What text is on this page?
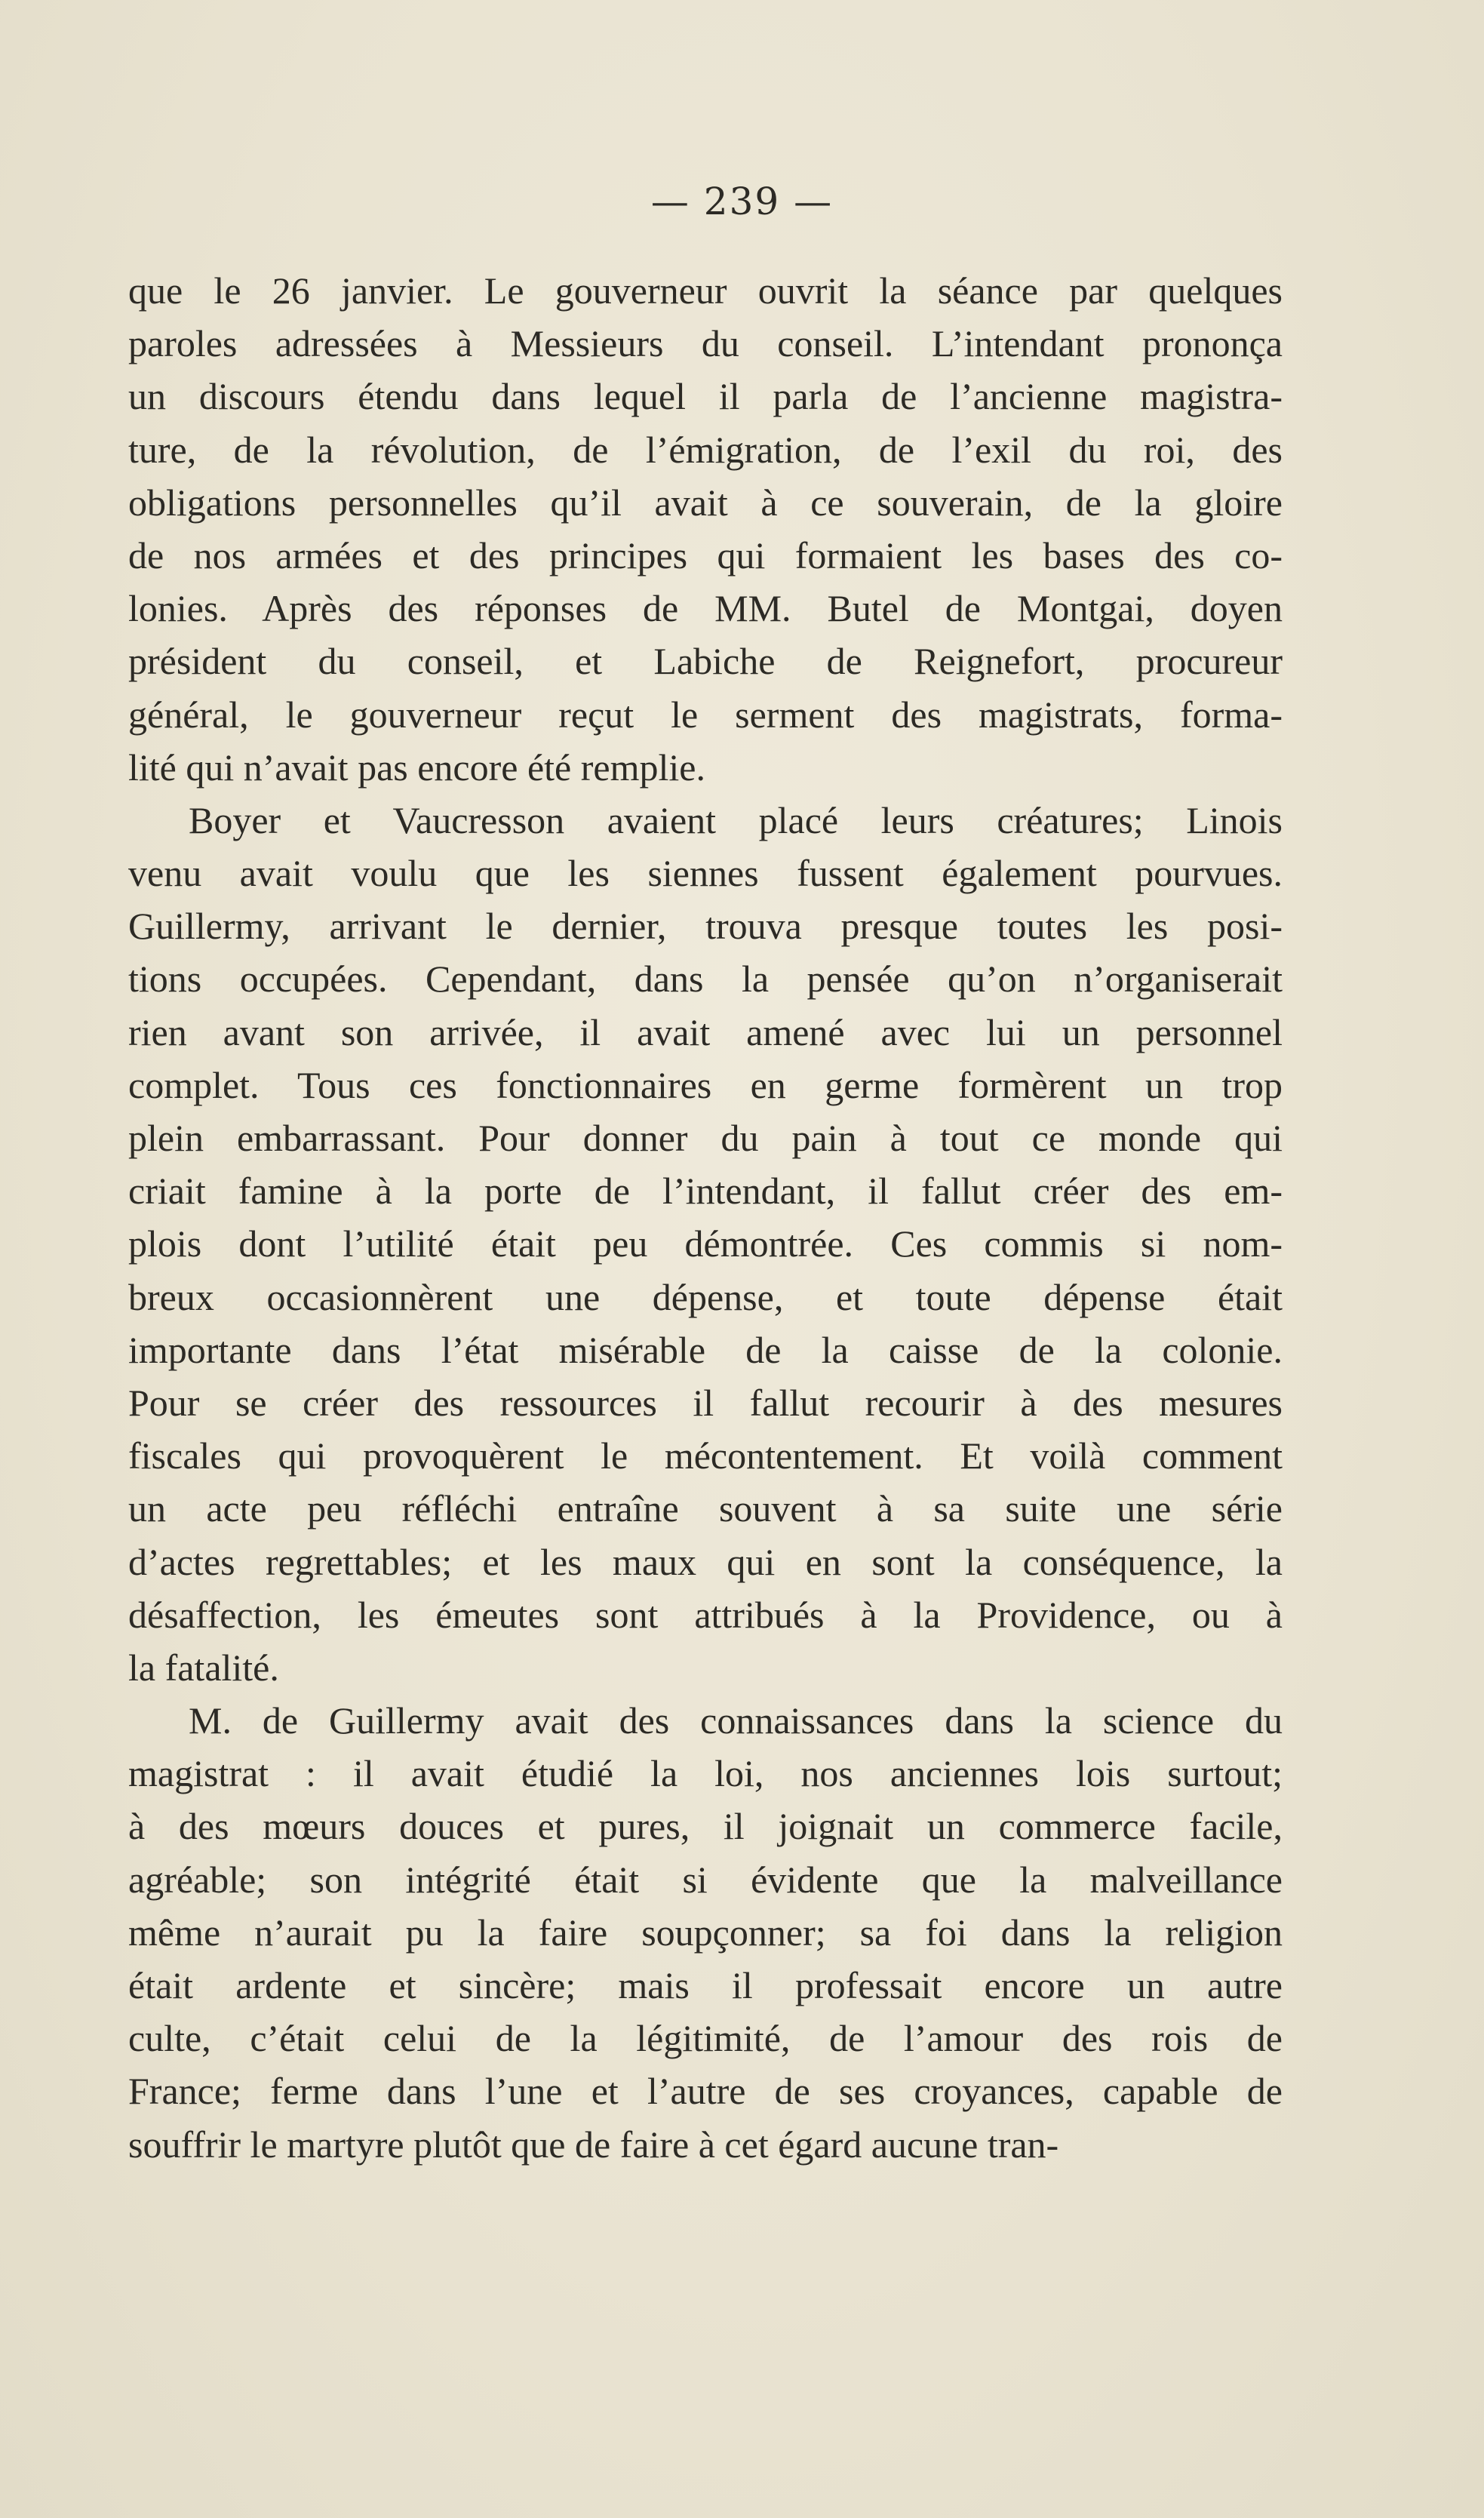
— 239 —
que le 26 janvier. Le gouverneur ouvrit la séance par quelques
paroles adressées à Messieurs du conseil. L’intendant prononça
un discours étendu dans lequel il parla de l’ancienne magistra-
ture, de la révolution, de l’émigration, de l’exil du roi, des
obligations personnelles qu’il avait à ce souverain, de la gloire
de nos armées et des principes qui formaient les bases des co-
lonies. Après des réponses de MM. Butel de Montgai, doyen
président du conseil, et Labiche de Reignefort, procureur
général, le gouverneur reçut le serment des magistrats, forma-
lité qui n’avait pas encore été remplie.
Boyer et Vaucresson avaient placé leurs créatures; Linois
venu avait voulu que les siennes fussent également pourvues.
Guillermy, arrivant le dernier, trouva presque toutes les posi-
tions occupées. Cependant, dans la pensée qu’on n’organiserait
rien avant son arrivée, il avait amené avec lui un personnel
complet. Tous ces fonctionnaires en germe formèrent un trop
plein embarrassant. Pour donner du pain à tout ce monde qui
criait famine à la porte de l’intendant, il fallut créer des em-
plois dont l’utilité était peu démontrée. Ces commis si nom-
breux occasionnèrent une dépense, et toute dépense était
importante dans l’état misérable de la caisse de la colonie.
Pour se créer des ressources il fallut recourir à des mesures
fiscales qui provoquèrent le mécontentement. Et voilà comment
un acte peu réfléchi entraîne souvent à sa suite une série
d’actes regrettables; et les maux qui en sont la conséquence, la
désaffection, les émeutes sont attribués à la Providence, ou à
la fatalité.
M. de Guillermy avait des connaissances dans la science du
magistrat : il avait étudié la loi, nos anciennes lois surtout;
à des mœurs douces et pures, il joignait un commerce facile,
agréable; son intégrité était si évidente que la malveillance
même n’aurait pu la faire soupçonner; sa foi dans la religion
était ardente et sincère; mais il professait encore un autre
culte, c’était celui de la légitimité, de l’amour des rois de
France; ferme dans l’une et l’autre de ses croyances, capable de
souffrir le martyre plutôt que de faire à cet égard aucune tran-
